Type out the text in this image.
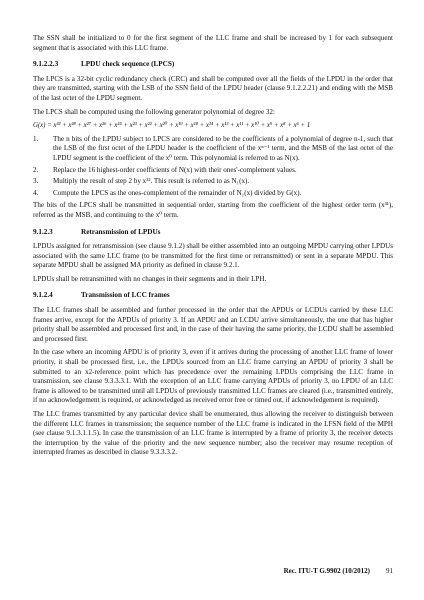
The SSN shall be initialized to 0 for the first segment of the LLC frame and shall be increased by 1 for each subsequent segment that is associated with this LLC frame.

9.1.2.2.3	LPDU check sequence (LPCS)

The LPCS is a 32-bit cyclic redundancy check (CRC) and shall be computed over all the fields of the LPDU in the order that they are transmitted, starting with the LSB of the SSN field of the LPDU header (clause 9.1.2.2.21) and ending with the MSB of the last octet of the LPDU segment.

The LPCS shall be computed using the following generator polynomial of degree 32:

G(x) = x³² + x²⁸ + x²⁷ + x²⁶ + x²⁵ + x²³ + x²² + x²⁰ + x¹⁹ + x¹⁸ + x¹⁴ + x¹³ + x¹¹ + x¹⁰ + x⁹ + x⁸ + x⁶ + 1
1.	The n bits of the LPDU subject to LPCS are considered to be the coefficients of a polynomial of degree n-1, such that the LSB of the first octet of the LPDU header is the coefficient of the xⁿ⁻¹ term, and the MSB of the last octet of the LPDU segment is the coefficient of the x⁰ term. This polynomial is referred to as N(x).
2.	Replace the 16 highest-order coefficients of N(x) with their ones'-complement values.
3.	Multiply the result of step 2 by x³². This result is referred to as N₁(x).
4.	Compute the LPCS as the ones-complement of the remainder of N₁(x) divided by G(x).

The bits of the LPCS shall be transmitted in sequential order, starting from the coefficient of the highest order term (x³¹), referred as the MSB, and continuing to the x⁰ term.

9.1.2.3	Retransmission of LPDUs

LPDUs assigned for retransmission (see clause 9.1.2) shall be either assembled into an outgoing MPDU carrying other LPDUs associated with the same LLC frame (to be transmitted for the first time or retransmitted) or sent in a separate MPDU. This separate MPDU shall be assigned MA priority as defined in clause 9.2.1.

LPDUs shall be retransmitted with no changes in their segments and in their LPH.

9.1.2.4	Transmission of LCC frames

The LLC frames shall be assembled and further processed in the order that the APDUs or LCDUs carried by these LLC frames arrive, except for the APDUs of priority 3. If an APDU and an LCDU arrive simultaneously, the one that has higher priority shall be assembled and processed first and, in the case of their having the same priority, the LCDU shall be assembled and processed first.

In the case where an incoming APDU is of priority 3, even if it arrives during the processing of another LLC frame of lower priority, it shall be processed first, i.e., the LPDUs sourced from an LLC frame carrying an APDU of priority 3 shall be submitted to an x2-reference point which has precedence over the remaining LPDUs comprising the LLC frame in transmission, see clause 9.3.3.3.1. With the exception of an LLC frame carrying APDUs of priority 3, no LPDU of an LLC frame is allowed to be transmitted until all LPDUs of previously transmitted LLC frames are cleared (i.e., transmitted entirely, if no acknowledgement is required, or acknowledged as received error free or timed out, if acknowledgement is required).

The LLC frames transmitted by any particular device shall be enumerated, thus allowing the receiver to distinguish between the different LLC frames in transmission; the sequence number of the LLC frame is indicated in the LFSN field of the MPH (see clause 9.1.3.1.1.5). In case the transmission of an LLC frame is interrupted by a frame of priority 3, the receiver detects the interruption by the value of the priority and the new sequence number; also the receiver may resume reception of interrupted frames as described in clause 9.3.3.3.2.

Rec. ITU-T G.9902 (10/2012) 91
